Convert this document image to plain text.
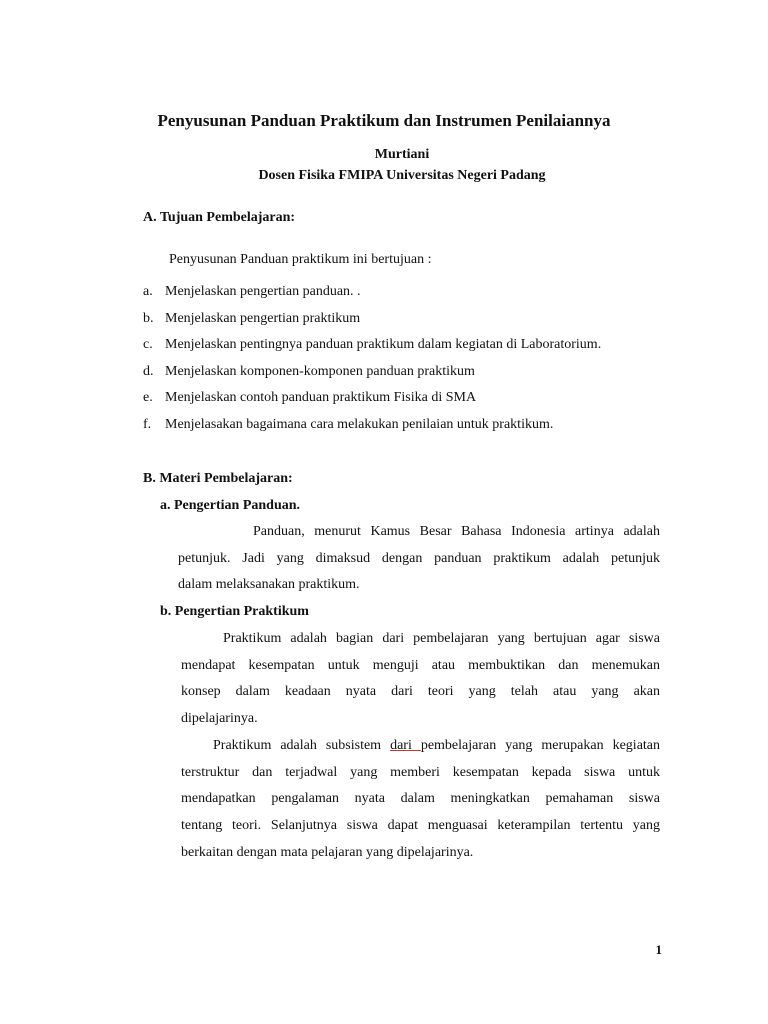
Penyusunan Panduan Praktikum dan Instrumen Penilaiannya
Murtiani
Dosen Fisika FMIPA Universitas Negeri Padang
A. Tujuan Pembelajaran:
Penyusunan Panduan praktikum ini bertujuan :
a. Menjelaskan pengertian panduan. .
b. Menjelaskan pengertian praktikum
c. Menjelaskan pentingnya panduan praktikum dalam kegiatan di Laboratorium.
d. Menjelaskan komponen-komponen panduan praktikum
e. Menjelaskan contoh panduan praktikum Fisika di SMA
f. Menjelasakan bagaimana cara melakukan penilaian untuk praktikum.
B. Materi Pembelajaran:
a. Pengertian Panduan.
Panduan, menurut Kamus Besar Bahasa Indonesia artinya adalah
petunjuk. Jadi yang dimaksud dengan panduan praktikum adalah petunjuk
dalam melaksanakan praktikum.
b. Pengertian Praktikum
Praktikum adalah bagian dari pembelajaran yang bertujuan agar siswa
mendapat kesempatan untuk menguji atau membuktikan dan menemukan
konsep dalam keadaan nyata dari teori yang telah atau yang akan
dipelajarinya.
Praktikum adalah subsistem dari pembelajaran yang merupakan kegiatan
terstruktur dan terjadwal yang memberi kesempatan kepada siswa untuk
mendapatkan pengalaman nyata dalam meningkatkan pemahaman siswa
tentang teori. Selanjutnya siswa dapat menguasai keterampilan tertentu yang
berkaitan dengan mata pelajaran yang dipelajarinya.
1
